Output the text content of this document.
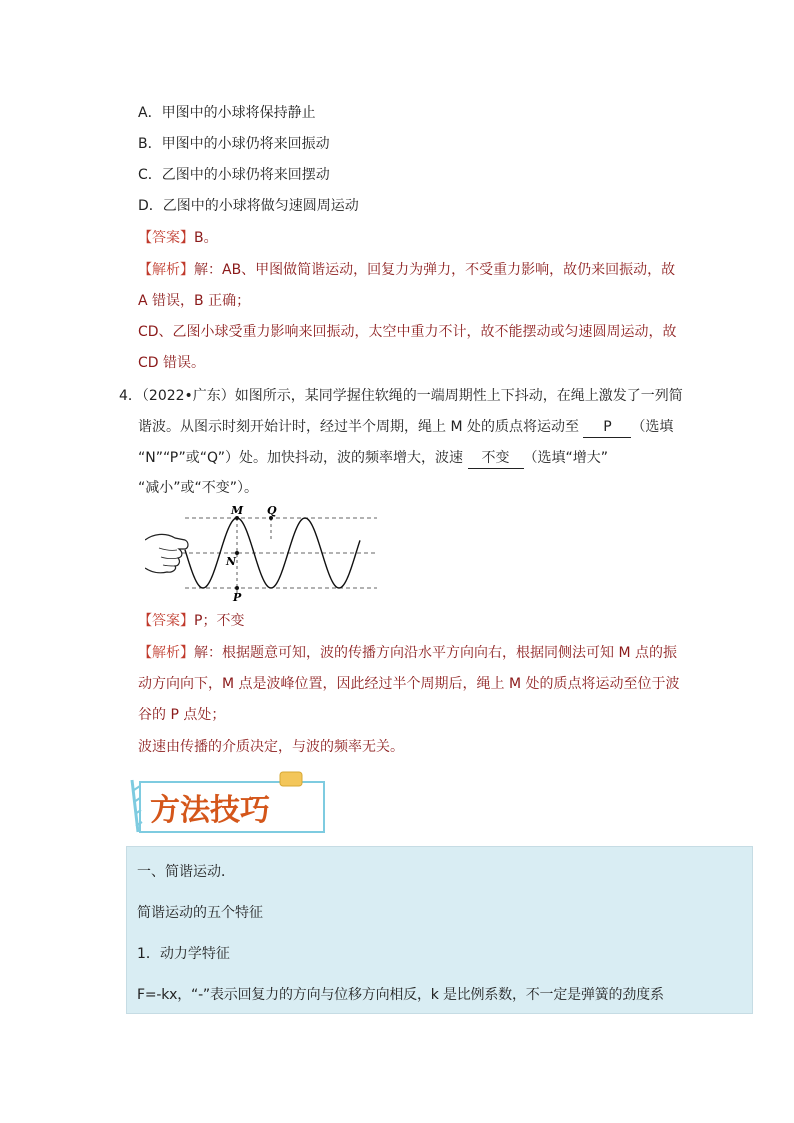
A．甲图中的小球将保持静止
B．甲图中的小球仍将来回振动
C．乙图中的小球仍将来回摆动
D．乙图中的小球将做匀速圆周运动
【答案】B。
【解析】解：AB、甲图做简谐运动，回复力为弹力，不受重力影响，故仍来回振动，故
A 错误，B 正确；
CD、乙图小球受重力影响来回振动，太空中重力不计，故不能摆动或匀速圆周运动，故
CD 错误。
4．（2022•广东）如图所示，某同学握住软绳的一端周期性上下抖动，在绳上激发了一列简
谐波。从图示时刻开始计时，经过半个周期，绳上 M 处的质点将运动至 P （选填
“N”“P”或“Q”）处。加快抖动，波的频率增大，波速 不变 （选填“增大”
“减小”或“不变”）。
M Q
N
P
【答案】P；不变
【解析】解：根据题意可知，波的传播方向沿水平方向向右，根据同侧法可知 M 点的振
动方向向下，M 点是波峰位置，因此经过半个周期后，绳上 M 处的质点将运动至位于波
谷的 P 点处；
波速由传播的介质决定，与波的频率无关。
方法技巧
一、简谐运动．
简谐运动的五个特征
1．动力学特征
F=-kx，“-”表示回复力的方向与位移方向相反，k 是比例系数，不一定是弹簧的劲度系
